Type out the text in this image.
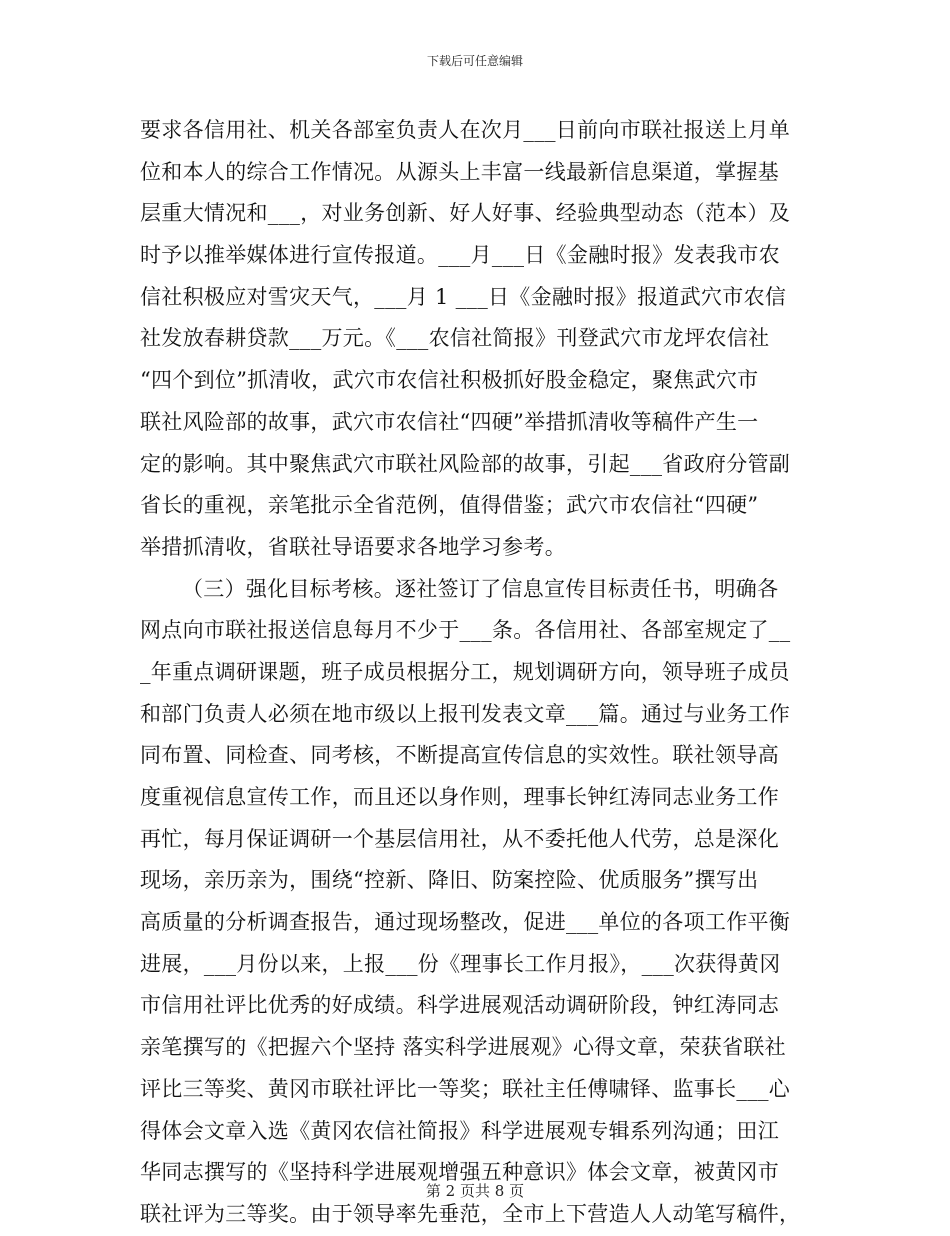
下载后可任意编辑
要求各信用社、机关各部室负责人在次月___日前向市联社报送上月单
位和本人的综合工作情况。从源头上丰富一线最新信息渠道，掌握基
层重大情况和___，对业务创新、好人好事、经验典型动态（范本）及
时予以推举媒体进行宣传报道。___月___日《金融时报》发表我市农
信社积极应对雪灾天气，___月 1 ___日《金融时报》报道武穴市农信
社发放春耕贷款___万元。《___农信社简报》刊登武穴市龙坪农信社
“四个到位”抓清收，武穴市农信社积极抓好股金稳定，聚焦武穴市
联社风险部的故事，武穴市农信社“四硬”举措抓清收等稿件产生一
定的影响。其中聚焦武穴市联社风险部的故事，引起___省政府分管副
省长的重视，亲笔批示全省范例，值得借鉴；武穴市农信社“四硬”
举措抓清收，省联社导语要求各地学习参考。
（三）强化目标考核。逐社签订了信息宣传目标责任书，明确各
网点向市联社报送信息每月不少于___条。各信用社、各部室规定了__
_年重点调研课题，班子成员根据分工，规划调研方向，领导班子成员
和部门负责人必须在地市级以上报刊发表文章___篇。通过与业务工作
同布置、同检查、同考核，不断提高宣传信息的实效性。联社领导高
度重视信息宣传工作，而且还以身作则，理事长钟红涛同志业务工作
再忙，每月保证调研一个基层信用社，从不委托他人代劳，总是深化
现场，亲历亲为，围绕“控新、降旧、防案控险、优质服务”撰写出
高质量的分析调查报告，通过现场整改，促进___单位的各项工作平衡
进展，___月份以来，上报___份《理事长工作月报》，___次获得黄冈
市信用社评比优秀的好成绩。科学进展观活动调研阶段，钟红涛同志
亲笔撰写的《把握六个坚持 落实科学进展观》心得文章，荣获省联社
评比三等奖、黄冈市联社评比一等奖；联社主任傅啸铎、监事长___心
得体会文章入选《黄冈农信社简报》科学进展观专辑系列沟通；田江
华同志撰写的《坚持科学进展观增强五种意识》体会文章，被黄冈市
联社评为三等奖。由于领导率先垂范，全市上下营造人人动笔写稿件，
第 2 页共 8 页
